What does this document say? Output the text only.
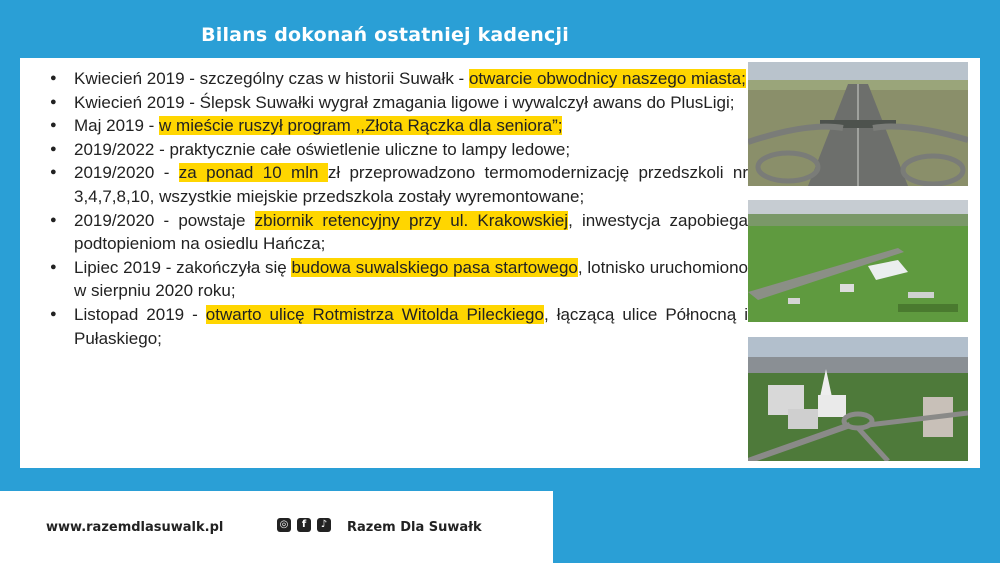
Bilans dokonań ostatniej kadencji
● Kwiecień 2019 - szczególny czas w historii Suwałk - otwarcie obwodnicy naszego miasta;
● Kwiecień 2019 - Ślepsk Suwałki wygrał zmagania ligowe i wywalczył awans do PlusLigi;
● Maj 2019 - w mieście ruszył program ,,Złota Rączka dla seniora”;
● 2019/2022 - praktycznie całe oświetlenie uliczne to lampy ledowe;
● 2019/2020 - za ponad 10 mln zł przeprowadzono termomodernizację przedszkoli nr 3,4,7,8,10, wszystkie miejskie przedszkola zostały wyremontowane;
● 2019/2020 - powstaje zbiornik retencyjny przy ul. Krakowskiej, inwestycja zapobiega podtopieniom na osiedlu Hańcza;
● Lipiec 2019 - zakończyła się budowa suwalskiego pasa startowego, lotnisko uruchomiono w sierpniu 2020 roku;
● Listopad 2019 - otwarto ulicę Rotmistrza Witolda Pileckiego, łączącą ulice Północną i Pułaskiego;
www.razemdlasuwalk.pl	◎	f	♪ Razem Dla Suwałk
